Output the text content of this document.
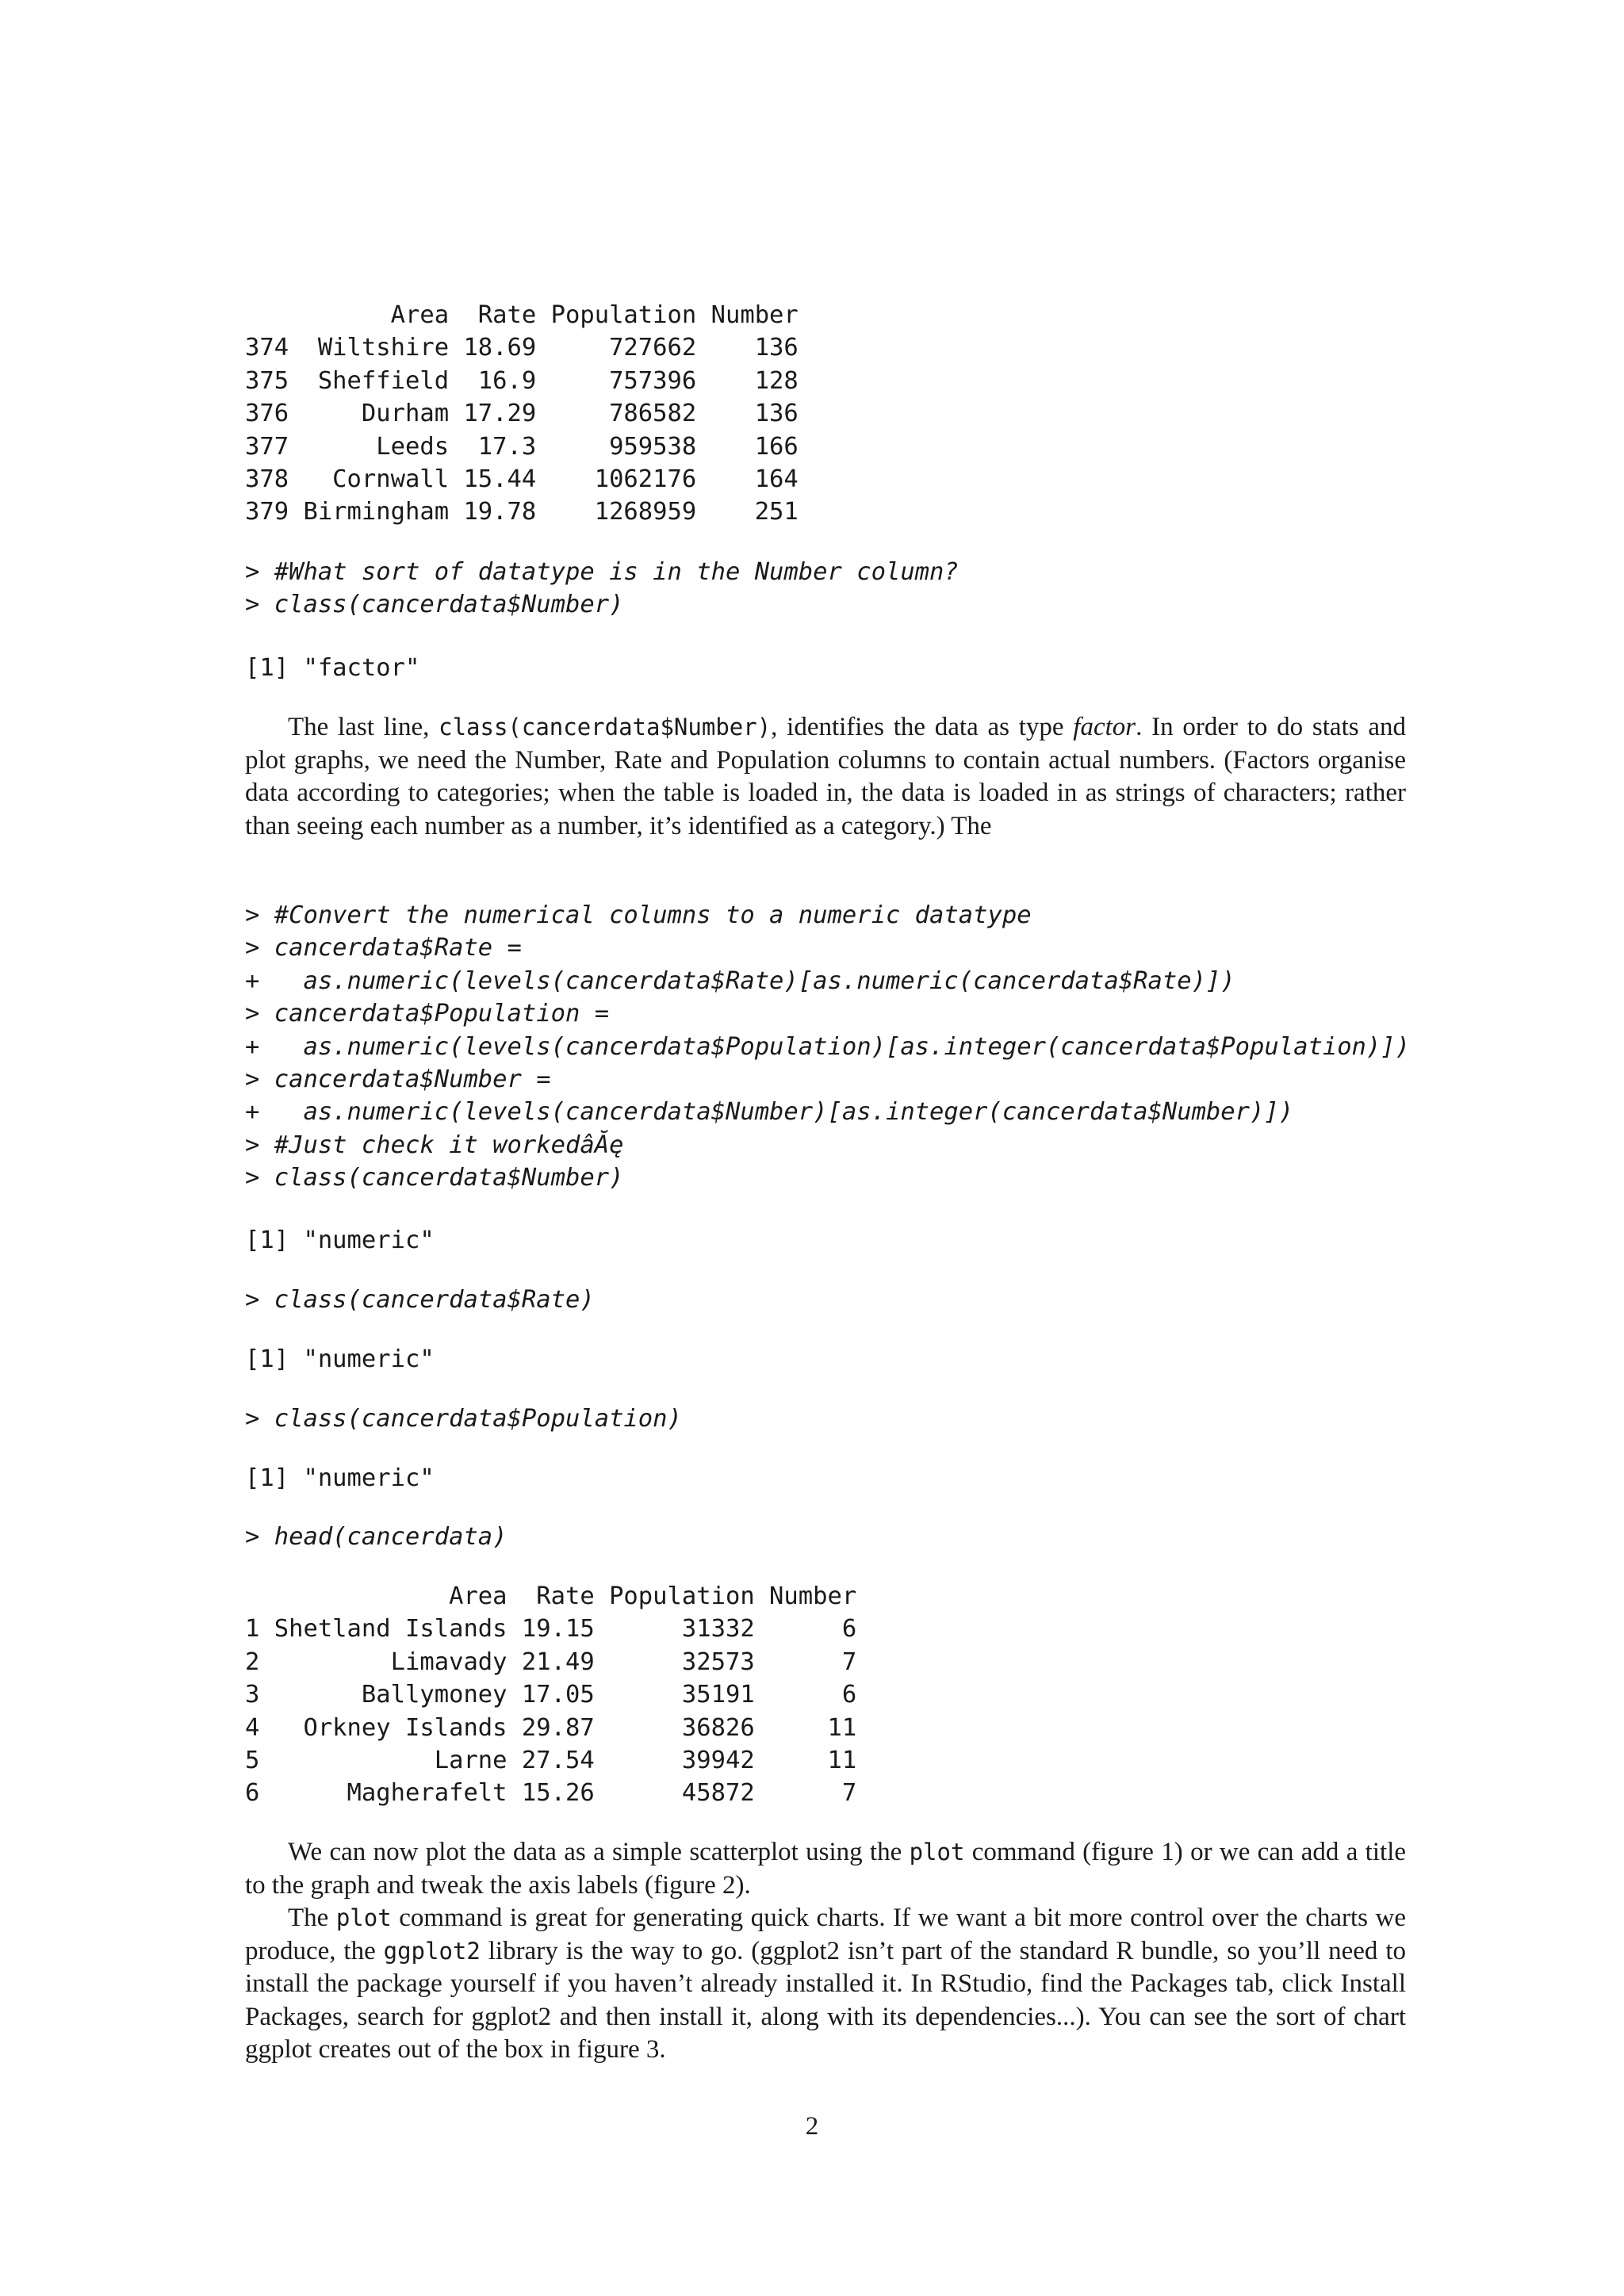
Area  Rate Population Number
374  Wiltshire 18.69     727662    136
375  Sheffield  16.9     757396    128
376     Durham 17.29     786582    136
377      Leeds  17.3     959538    166
378   Cornwall 15.44    1062176    164
379 Birmingham 19.78    1268959    251
> #What sort of datatype is in the Number column?
> class(cancerdata$Number)
[1] "factor"

The last line, class(cancerdata$Number), identifies the data as type factor. In order to do stats and plot graphs, we need the Number, Rate and Population columns to contain actual numbers. (Factors organise data according to categories; when the table is loaded in, the data is loaded in as strings of characters; rather than seeing each number as a number, it’s identified as a category.) The

> #Convert the numerical columns to a numeric datatype
> cancerdata$Rate =
+   as.numeric(levels(cancerdata$Rate)[as.numeric(cancerdata$Rate)])
> cancerdata$Population =
+   as.numeric(levels(cancerdata$Population)[as.integer(cancerdata$Population)])
> cancerdata$Number =
+   as.numeric(levels(cancerdata$Number)[as.integer(cancerdata$Number)])
> #Just check it workedâĂę
> class(cancerdata$Number)
[1] "numeric"
> class(cancerdata$Rate)
[1] "numeric"
> class(cancerdata$Population)
[1] "numeric"
> head(cancerdata)
Area  Rate Population Number
1 Shetland Islands 19.15      31332      6
2         Limavady 21.49      32573      7
3       Ballymoney 17.05      35191      6
4   Orkney Islands 29.87      36826     11
5            Larne 27.54      39942     11
6      Magherafelt 15.26      45872      7

We can now plot the data as a simple scatterplot using the plot command (figure 1) or we can add a title to the graph and tweak the axis labels (figure 2).

The plot command is great for generating quick charts. If we want a bit more control over the charts we produce, the ggplot2 library is the way to go. (ggplot2 isn’t part of the standard R bundle, so you’ll need to install the package yourself if you haven’t already installed it. In RStudio, find the Packages tab, click Install Packages, search for ggplot2 and then install it, along with its dependencies...). You can see the sort of chart ggplot creates out of the box in figure 3.

2
